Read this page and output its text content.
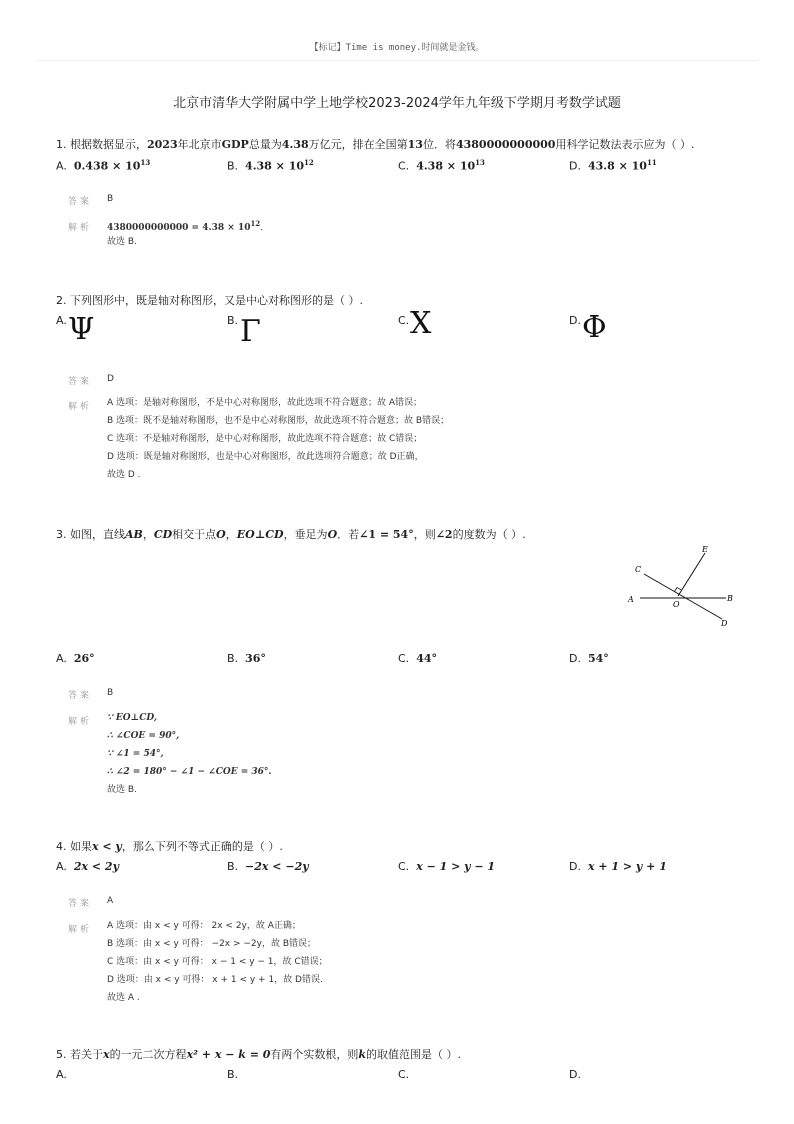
【标记】Time is money.时间就是金钱。
北京市清华大学附属中学上地学校2023-2024学年九年级下学期月考数学试题
1. 根据数据显示，2023年北京市GDP总量为4.38万亿元，排在全国第13位．将4380000000000用科学记数法表示应为（ ）.
A. $0.438 \times 10^{13}$	B. $4.38 \times 10^{12}$	C. $4.38 \times 10^{13}$	D. $43.8 \times 10^{11}$
答案 B
解析 $4380000000000 = 4.38 \times 10^{12}$．
故选 B.
2. 下列图形中，既是轴对称图形，又是中心对称图形的是（ ）.
A. Ψ	B. Γ	C. X	D. Φ
答案 D
解析 A 选项：是轴对称图形，不是中心对称图形，故此选项不符合题意；故 A错误；
B 选项：既不是轴对称图形，也不是中心对称图形，故此选项不符合题意；故 B错误；
C 选项：不是轴对称图形，是中心对称图形，故此选项不符合题意；故 C错误；
D 选项：既是轴对称图形，也是中心对称图形，故此选项符合题意；故 D正确，
故选 D .
3. 如图，直线AB，CD相交于点O，EO⊥CD，垂足为O．若∠1 = 54°，则∠2的度数为（ ）.
E
C
A	B
O
D
A. 26°	B. 36°	C. 44°	D. 54°
答案 B
解析 ∵ EO⊥CD,
∴ ∠COE = 90°,
∵ ∠1 = 54°,
∴ ∠2 = 180° − ∠1 − ∠COE = 36°.
故选 B.
4. 如果x < y，那么下列不等式正确的是（ ）.
A. 2x < 2y	B. −2x < −2y	C. x − 1 > y − 1	D. x + 1 > y + 1
答案 A
解析 A 选项：由 x < y 可得： 2x < 2y，故 A正确；
B 选项：由 x < y 可得： −2x > −2y，故 B错误；
C 选项：由 x < y 可得： x − 1 < y − 1，故 C错误；
D 选项：由 x < y 可得： x + 1 < y + 1，故 D错误.
故选 A .
5. 若关于x的一元二次方程x² + x − k = 0有两个实数根，则k的取值范围是（ ）.
A.	B.	C.	D.
